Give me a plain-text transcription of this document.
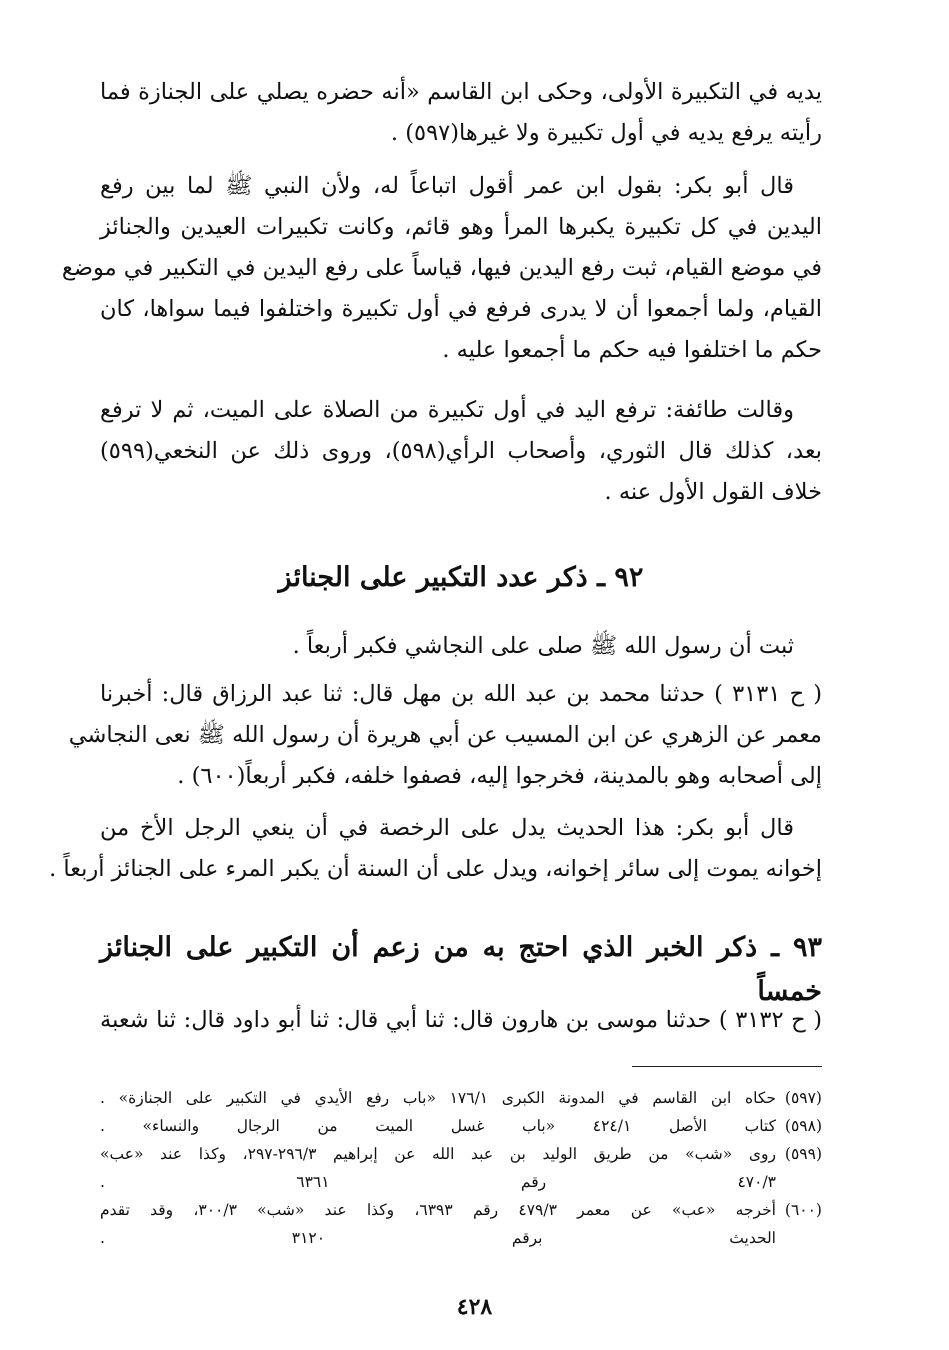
يديه في التكبيرة الأولى، وحكى ابن القاسم «أنه حضره يصلي على الجنازة فما
رأيته يرفع يديه في أول تكبيرة ولا غيرها(٥٩٧) .
قال أبو بكر: بقول ابن عمر أقول اتباعاً له، ولأن النبي ﷺ لما بين رفع
اليدين في كل تكبيرة يكبرها المرأ وهو قائم، وكانت تكبيرات العيدين والجنائز
في موضع القيام، ثبت رفع اليدين فيها، قياساً على رفع اليدين في التكبير في موضع
القيام، ولما أجمعوا أن لا يدرى فرفع في أول تكبيرة واختلفوا فيما سواها، كان
حكم ما اختلفوا فيه حكم ما أجمعوا عليه .
وقالت طائفة: ترفع اليد في أول تكبيرة من الصلاة على الميت، ثم لا ترفع
بعد، كذلك قال الثوري، وأصحاب الرأي(٥٩٨)، وروى ذلك عن النخعي(٥٩٩)
خلاف القول الأول عنه .
٩٢ ـ ذكر عدد التكبير على الجنائز
ثبت أن رسول الله ﷺ صلى على النجاشي فكبر أربعاً .
( ح ٣١٣١ ) حدثنا محمد بن عبد الله بن مهل قال: ثنا عبد الرزاق قال: أخبرنا
معمر عن الزهري عن ابن المسيب عن أبي هريرة أن رسول الله ﷺ نعى النجاشي
إلى أصحابه وهو بالمدينة، فخرجوا إليه، فصفوا خلفه، فكبر أربعاً(٦٠٠) .
قال أبو بكر: هذا الحديث يدل على الرخصة في أن ينعي الرجل الأخ من
إخوانه يموت إلى سائر إخوانه، ويدل على أن السنة أن يكبر المرء على الجنائز أربعاً .
٩٣ ـ ذكر الخبر الذي احتج به من زعم أن التكبير على الجنائز خمساً
( ح ٣١٣٢ ) حدثنا موسى بن هارون قال: ثنا أبي قال: ثنا أبو داود قال: ثنا شعبة
(٥٩٧)حكاه ابن القاسم في المدونة الكبرى ١٧٦/١ «باب رفع الأيدي في التكبير على الجنازة» .
(٥٩٨)كتاب الأصل ٤٢٤/١ «باب غسل الميت من الرجال والنساء» .
(٥٩٩)روى «شب» من طريق الوليد بن عبد الله عن إبراهيم ٢٩٦/٣-٢٩٧، وكذا عند «عب»
٤٧٠/٣ رقم ٦٣٦١ .
(٦٠٠)أخرجه «عب» عن معمر ٤٧٩/٣ رقم ٦٣٩٣، وكذا عند «شب» ٣٠٠/٣، وقد تقدم
الحديث برقم ٣١٢٠ .
٤٢٨
